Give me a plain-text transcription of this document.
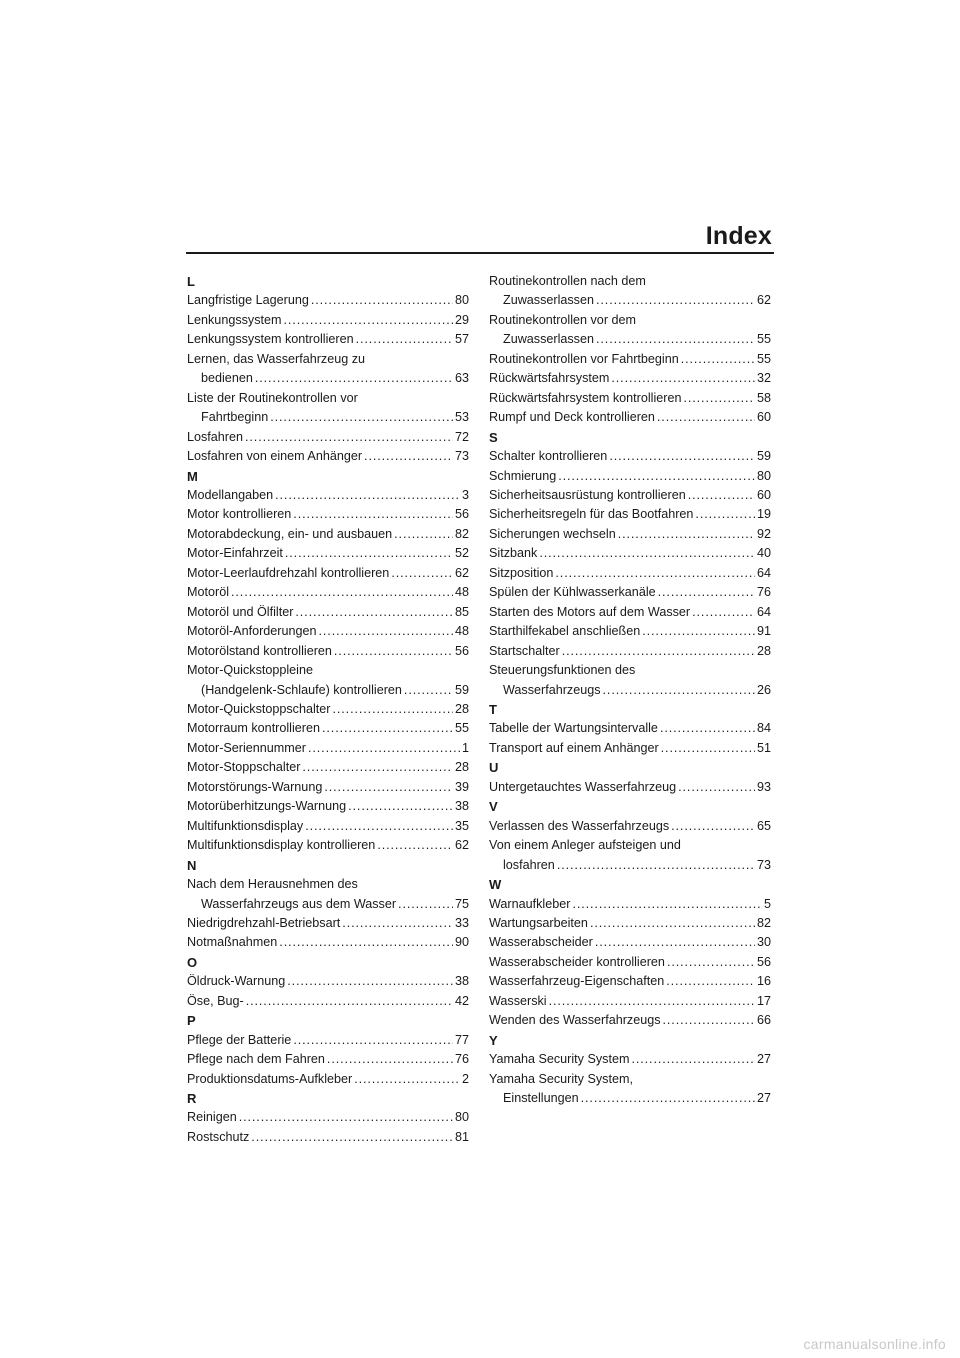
Index
L
Langfristige Lagerung . . .	80
Lenkungssystem . . .	29
Lenkungssystem kontrollieren . . .	57
Lernen, das Wasserfahrzeug zu
bedienen . . .	63
Liste der Routinekontrollen vor
Fahrtbeginn . . .	53
Losfahren . . .	72
Losfahren von einem Anhänger . . .	73
M
Modellangaben . . .	3
Motor kontrollieren . . .	56
Motorabdeckung, ein- und ausbauen . . .	82
Motor-Einfahrzeit . . .	52
Motor-Leerlaufdrehzahl kontrollieren . . .	62
Motoröl . . .	48
Motoröl und Ölfilter . . .	85
Motoröl-Anforderungen . . .	48
Motorölstand kontrollieren . . .	56
Motor-Quickstoppleine
(Handgelenk-Schlaufe) kontrollieren . . .	59
Motor-Quickstoppschalter . . .	28
Motorraum kontrollieren . . .	55
Motor-Seriennummer . . .	1
Motor-Stoppschalter . . .	28
Motorstörungs-Warnung . . .	39
Motorüberhitzungs-Warnung . . .	38
Multifunktionsdisplay . . .	35
Multifunktionsdisplay kontrollieren . . .	62
N
Nach dem Herausnehmen des
Wasserfahrzeugs aus dem Wasser . . .	75
Niedrigdrehzahl-Betriebsart . . .	33
Notmaßnahmen . . .	90
O
Öldruck-Warnung . . .	38
Öse, Bug- . . .	42
P
Pflege der Batterie . . .	77
Pflege nach dem Fahren . . .	76
Produktionsdatums-Aufkleber . . .	2
R
Reinigen . . .	80
Rostschutz . . .	81
Routinekontrollen nach dem
Zuwasserlassen . . .	62
Routinekontrollen vor dem
Zuwasserlassen . . .	55
Routinekontrollen vor Fahrtbeginn . . .	55
Rückwärtsfahrsystem . . .	32
Rückwärtsfahrsystem kontrollieren . . .	58
Rumpf und Deck kontrollieren . . .	60
S
Schalter kontrollieren . . .	59
Schmierung . . .	80
Sicherheitsausrüstung kontrollieren . . .	60
Sicherheitsregeln für das Bootfahren . . .	19
Sicherungen wechseln . . .	92
Sitzbank . . .	40
Sitzposition . . .	64
Spülen der Kühlwasserkanäle . . .	76
Starten des Motors auf dem Wasser . . .	64
Starthilfekabel anschließen . . .	91
Startschalter . . .	28
Steuerungsfunktionen des
Wasserfahrzeugs . . .	26
T
Tabelle der Wartungsintervalle . . .	84
Transport auf einem Anhänger . . .	51
U
Untergetauchtes Wasserfahrzeug . . .	93
V
Verlassen des Wasserfahrzeugs . . .	65
Von einem Anleger aufsteigen und
losfahren . . .	73
W
Warnaufkleber . . .	5
Wartungsarbeiten . . .	82
Wasserabscheider . . .	30
Wasserabscheider kontrollieren . . .	56
Wasserfahrzeug-Eigenschaften . . .	16
Wasserski . . .	17
Wenden des Wasserfahrzeugs . . .	66
Y
Yamaha Security System . . .	27
Yamaha Security System,
Einstellungen . . .	27
carmanualsonline.info
